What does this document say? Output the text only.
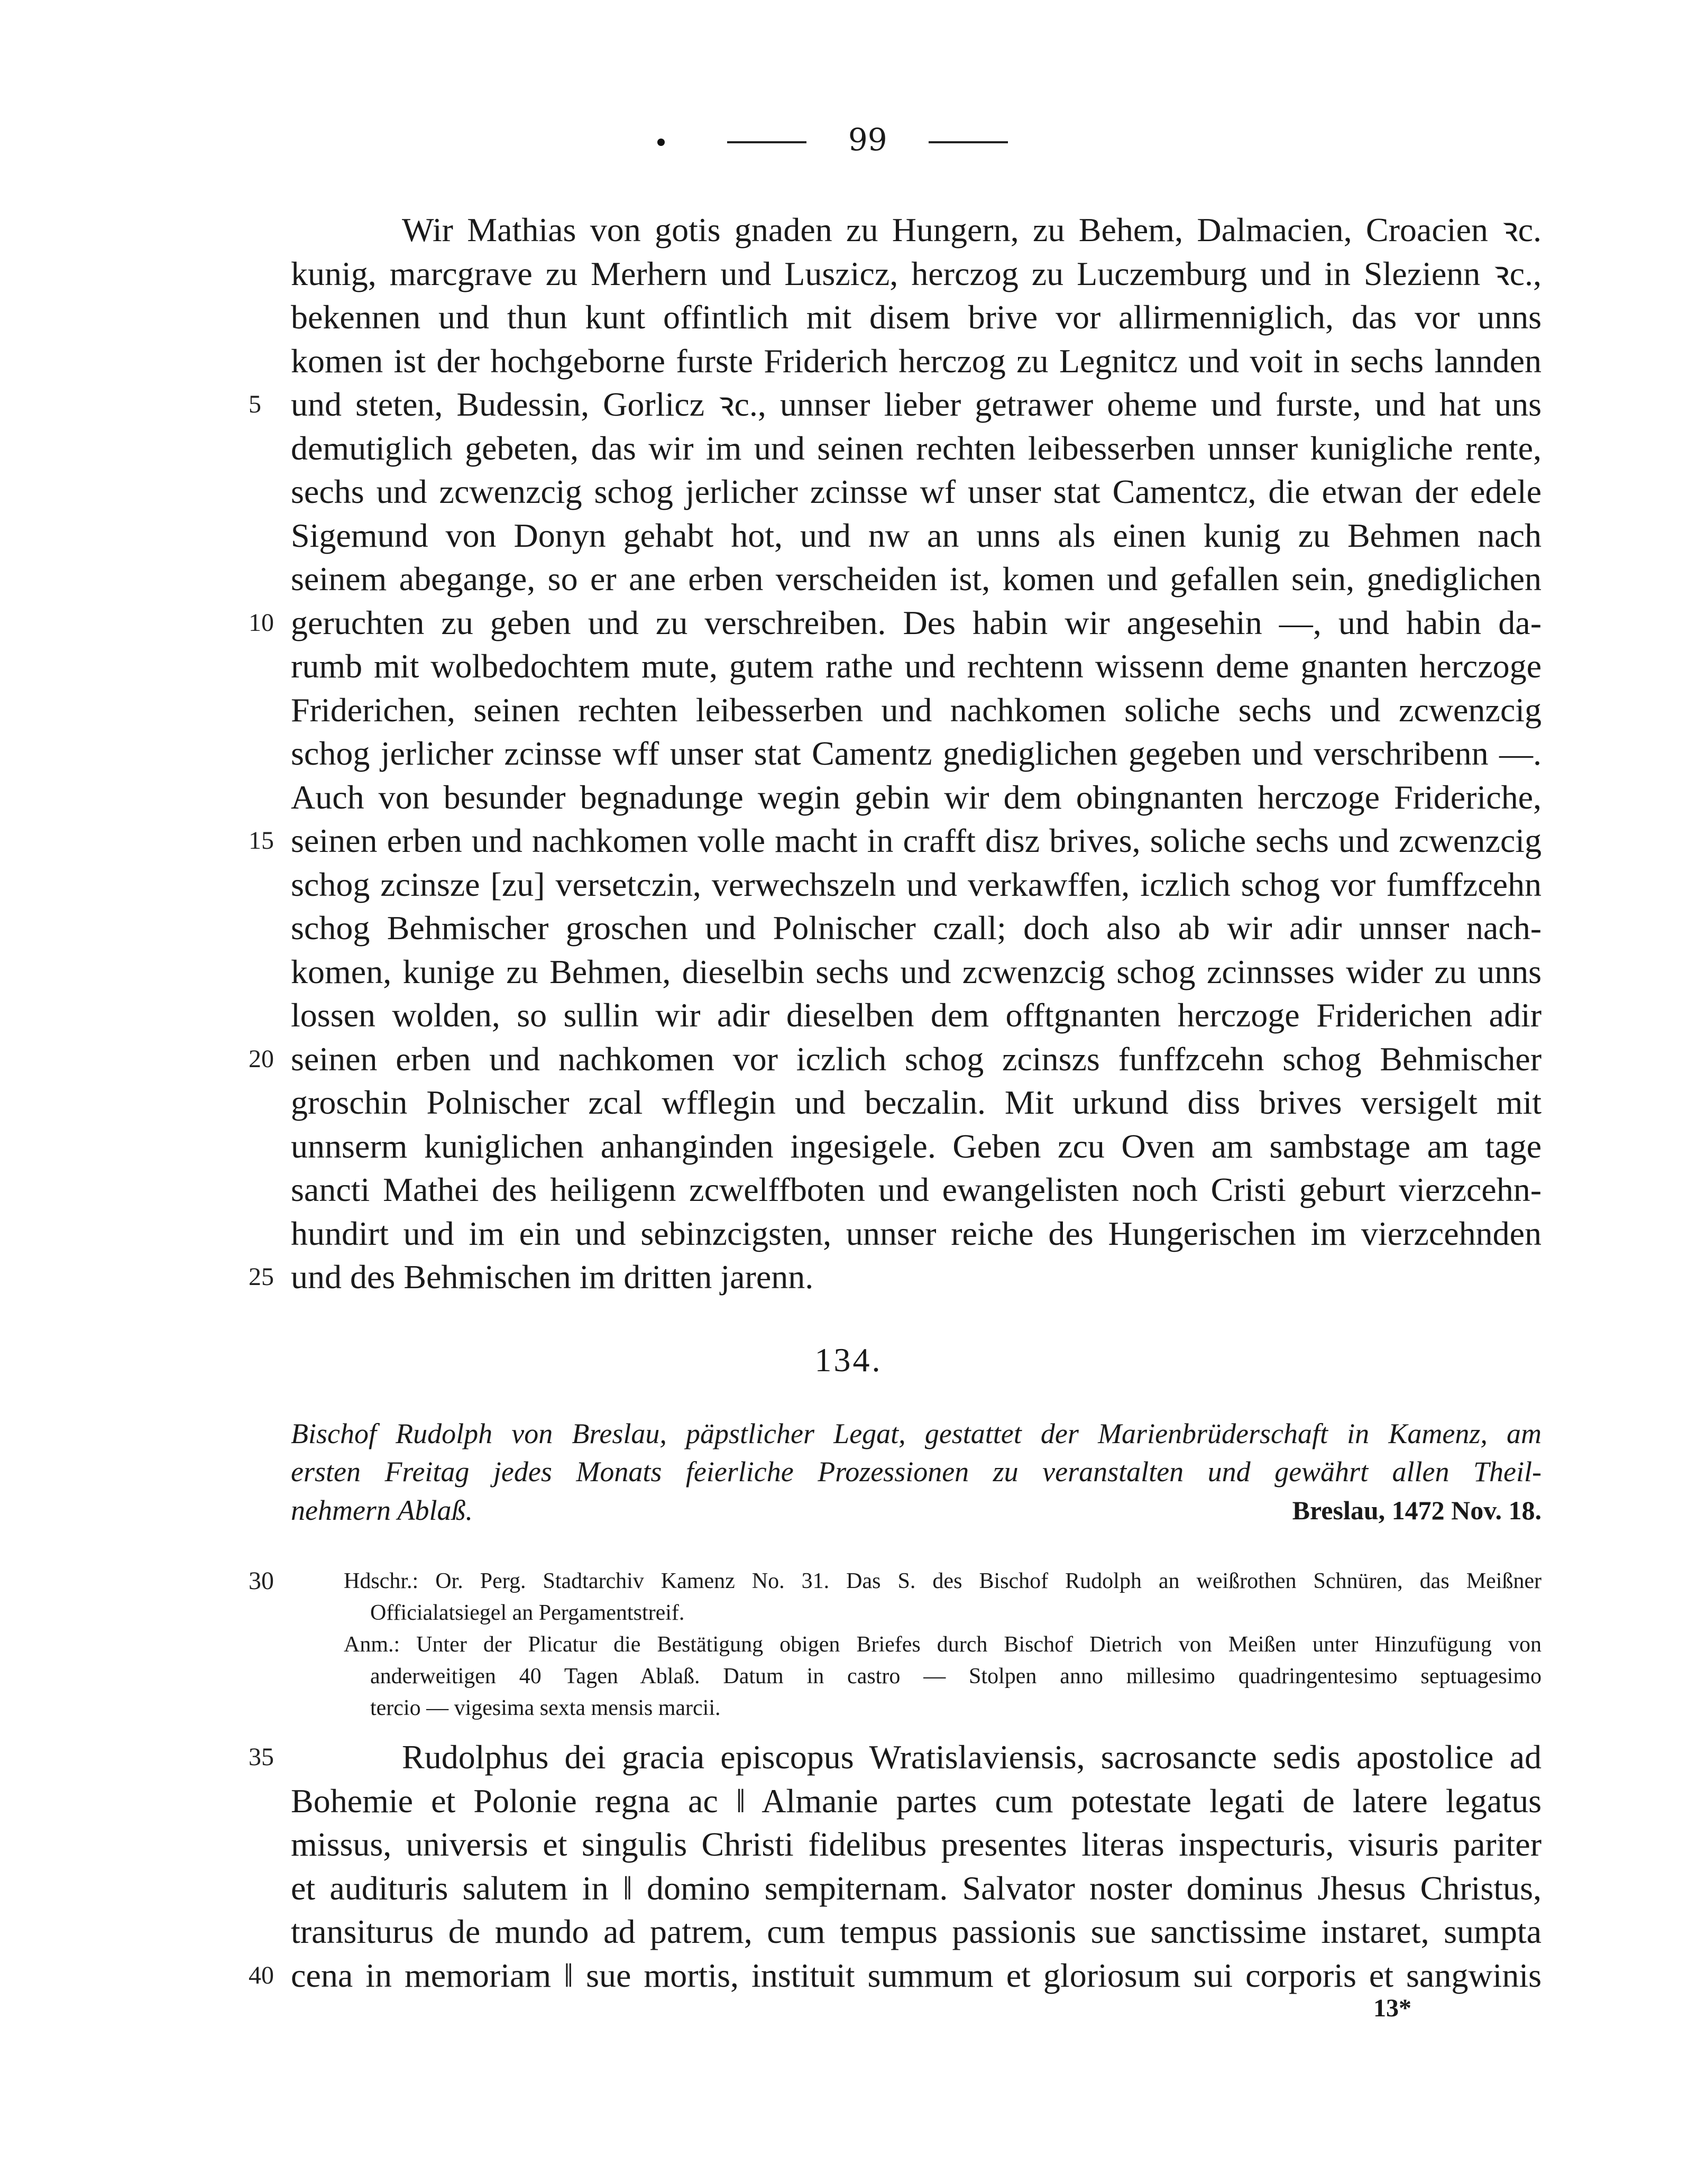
99
Wir Mathias von gotis gnaden zu Hungern, zu Behem, Dalmacien, Croacien ꝛc.
kunig, marcgrave zu Merhern und Luszicz, herczog zu Luczemburg und in Slezienn ꝛc.,
bekennen und thun kunt offintlich mit disem brive vor allirmenniglich, das vor unns
komen ist der hochgeborne furste Friderich herczog zu Legnitcz und voit in sechs lannden
und steten, Budessin, Gorlicz ꝛc., unnser lieber getrawer oheme und furste, und hat uns
5
demutiglich gebeten, das wir im und seinen rechten leibesserben unnser kunigliche rente,
sechs und zcwenzcig schog jerlicher zcinsse wf unser stat Camentcz, die etwan der edele
Sigemund von Donyn gehabt hot, und nw an unns als einen kunig zu Behmen nach
seinem abegange, so er ane erben verscheiden ist, komen und gefallen sein, gnediglichen
geruchten zu geben und zu verschreiben. Des habin wir angesehin —, und habin da-
10
rumb mit wolbedochtem mute, gutem rathe und rechtenn wissenn deme gnanten herczoge
Friderichen, seinen rechten leibesserben und nachkomen soliche sechs und zcwenzcig
schog jerlicher zcinsse wff unser stat Camentz gnediglichen gegeben und verschribenn —.
Auch von besunder begnadunge wegin gebin wir dem obingnanten herczoge Friderichе,
seinen erben und nachkomen volle macht in crafft disz brives, soliche sechs und zcwenzcig
15
schog zcinsze [zu] versetczin, verwechszeln und verkawffen, iczlich schog vor fumffzcehn
schog Behmischer groschen und Polnischer czall; doch also ab wir adir unnser nach-
komen, kunige zu Behmen, dieselbin sechs und zcwenzcig schog zcinnsses wider zu unns
lossen wolden, so sullin wir adir dieselben dem offtgnanten herczoge Friderichen adir
seinen erben und nachkomen vor iczlich schog zcinszs funffzcehn schog Behmischer
20
groschin Polnischer zcal wfflegin und beczalin. Mit urkund diss brives versigelt mit
unnserm kuniglichen anhanginden ingesigele. Geben zcu Oven am sambstage am tage
sancti Mathei des heiligenn zcwelffboten und ewangelisten noch Cristi geburt vierzcehn-
hundirt und im ein und sebinzcigsten, unnser reiche des Hungerischen im vierzcehnden
und des Behmischen im dritten jarenn.
25
134.
Bischof Rudolph von Breslau, päpstlicher Legat, gestattet der Marienbrüderschaft in Kamenz, am
ersten Freitag jedes Monats feierliche Prozessionen zu veranstalten und gewährt allen Theil-
nehmern Ablaß.	Breslau, 1472 Nov. 18.
30	Hdschr.: Or. Perg. Stadtarchiv Kamenz No. 31. Das S. des Bischof Rudolph an weißrothen Schnüren, das Meißner
Officialatsiegel an Pergamentstreif.
Anm.: Unter der Plicatur die Bestätigung obigen Briefes durch Bischof Dietrich von Meißen unter Hinzufügung von
anderweitigen 40 Tagen Ablaß. Datum in castro — Stolpen anno millesimo quadringentesimo septuagesimo
tercio — vigesima sexta mensis marcii.
Rudolphus dei gracia episcopus Wratislaviensis, sacrosancte sedis apostolice ad
Bohemie et Polonie regna ac ‖ Almanie partes cum potestate legati de latere legatus
missus, universis et singulis Christi fidelibus presentes literas inspecturis, visuris pariter
et audituris salutem in ‖ domino sempiternam. Salvator noster dominus Jhesus Christus,
transiturus de mundo ad patrem, cum tempus passionis sue sanctissime instaret, sumpta
cena in memoriam ‖ sue mortis, instituit summum et gloriosum sui corporis et sangwinis
35
40
13*
